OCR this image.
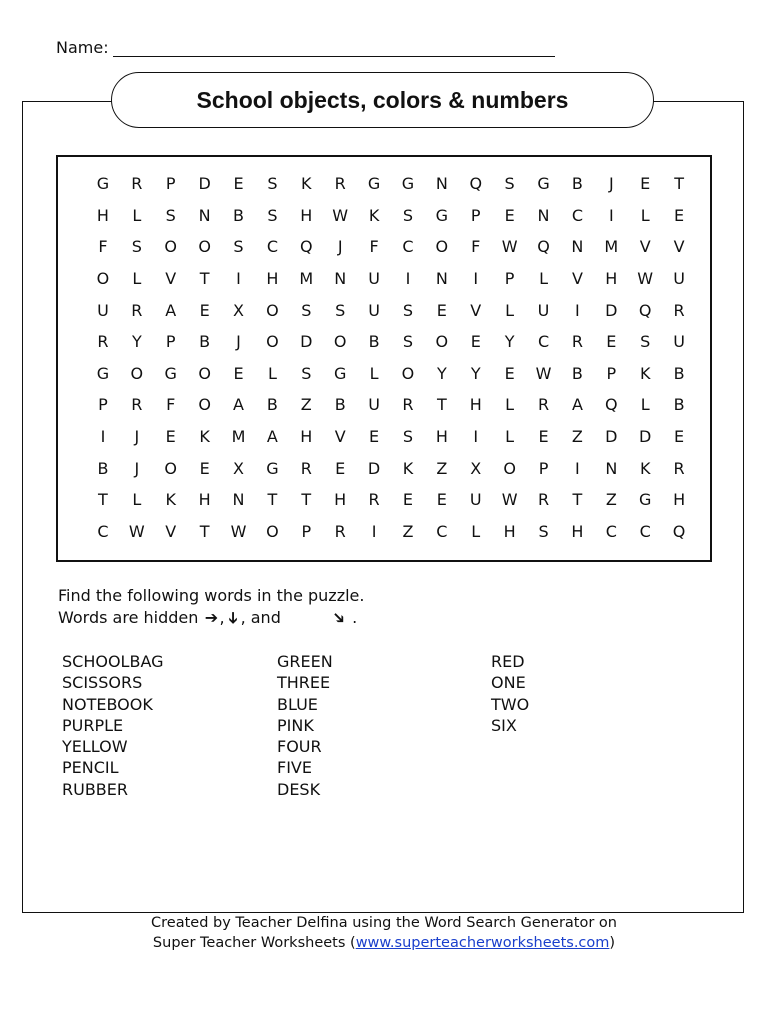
Name:
School objects, colors & numbers
G	R	P	D	E	S	K	R	G	G	N	Q	S	G	B	J	E	T
H	L	S	N	B	S	H	W	K	S	G	P	E	N	C	I	L	E
F	S	O	O	S	C	Q	J	F	C	O	F	W	Q	N	M	V	V
O	L	V	T	I	H	M	N	U	I	N	I	P	L	V	H	W	U
U	R	A	E	X	O	S	S	U	S	E	V	L	U	I	D	Q	R
R	Y	P	B	J	O	D	O	B	S	O	E	Y	C	R	E	S	U
G	O	G	O	E	L	S	G	L	O	Y	Y	E	W	B	P	K	B
P	R	F	O	A	B	Z	B	U	R	T	H	L	R	A	Q	L	B
I	J	E	K	M	A	H	V	E	S	H	I	L	E	Z	D	D	E
B	J	O	E	X	G	R	E	D	K	Z	X	O	P	I	N	K	R
T	L	K	H	N	T	T	H	R	E	E	U	W	R	T	Z	G	H
C	W	V	T	W	O	P	R	I	Z	C	L	H	S	H	C	C	Q
Find the following words in the puzzle.
Words are hidden ➔,➔, and	➔ .
SCHOOLBAG
SCISSORS
NOTEBOOK
PURPLE
YELLOW
PENCIL
RUBBER
GREEN
THREE
BLUE
PINK
FOUR
FIVE
DESK
RED
ONE
TWO
SIX
Created by Teacher Delfina using the Word Search Generator on
Super Teacher Worksheets (www.superteacherworksheets.com)
